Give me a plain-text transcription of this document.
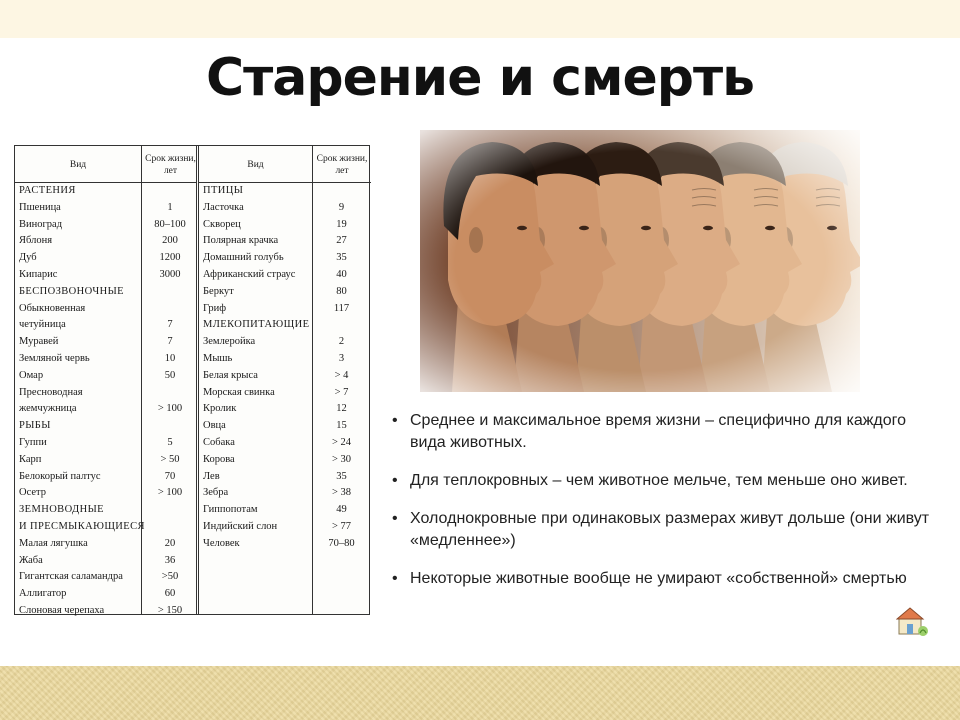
Старение и смерть
Вид
Срок жизни, лет
РАСТЕНИЯ
Пшеница	1
Виноград	80–100
Яблоня	200
Дуб	1200
Кипарис	3000
БЕСПОЗВОНОЧНЫЕ
Обыкновенная
четуйница	7
Муравей	7
Земляной червь	10
Омар	50
Пресноводная
жемчужница	> 100
РЫБЫ
Гуппи	5
Карп	> 50
Белокорый палтус	70
Осетр	> 100
ЗЕМНОВОДНЫЕ
И ПРЕСМЫКАЮЩИЕСЯ
Малая лягушка	20
Жаба	36
Гигантская саламандра	>50
Аллигатор	60
Слоновая черепаха	> 150
Вид
Срок жизни, лет
ПТИЦЫ
Ласточка	9
Скворец	19
Полярная крачка	27
Домашний голубь	35
Африканский страус	40
Беркут	80
Гриф	117
МЛЕКОПИТАЮЩИЕ
Землеройка	2
Мышь	3
Белая крыса	> 4
Морская свинка	> 7
Кролик	12
Овца	15
Собака	> 24
Корова	> 30
Лев	35
Зебра	> 38
Гиппопотам	49
Индийский слон	> 77
Человек	70–80
• Среднее и максимальное время жизни – специфично для каждого вида животных.
• Для теплокровных – чем животное мельче, тем меньше оно живет.
• Холоднокровные при одинаковых размерах живут дольше (они живут «медленнее»)
• Некоторые животные вообще не умирают «собственной» смертью
